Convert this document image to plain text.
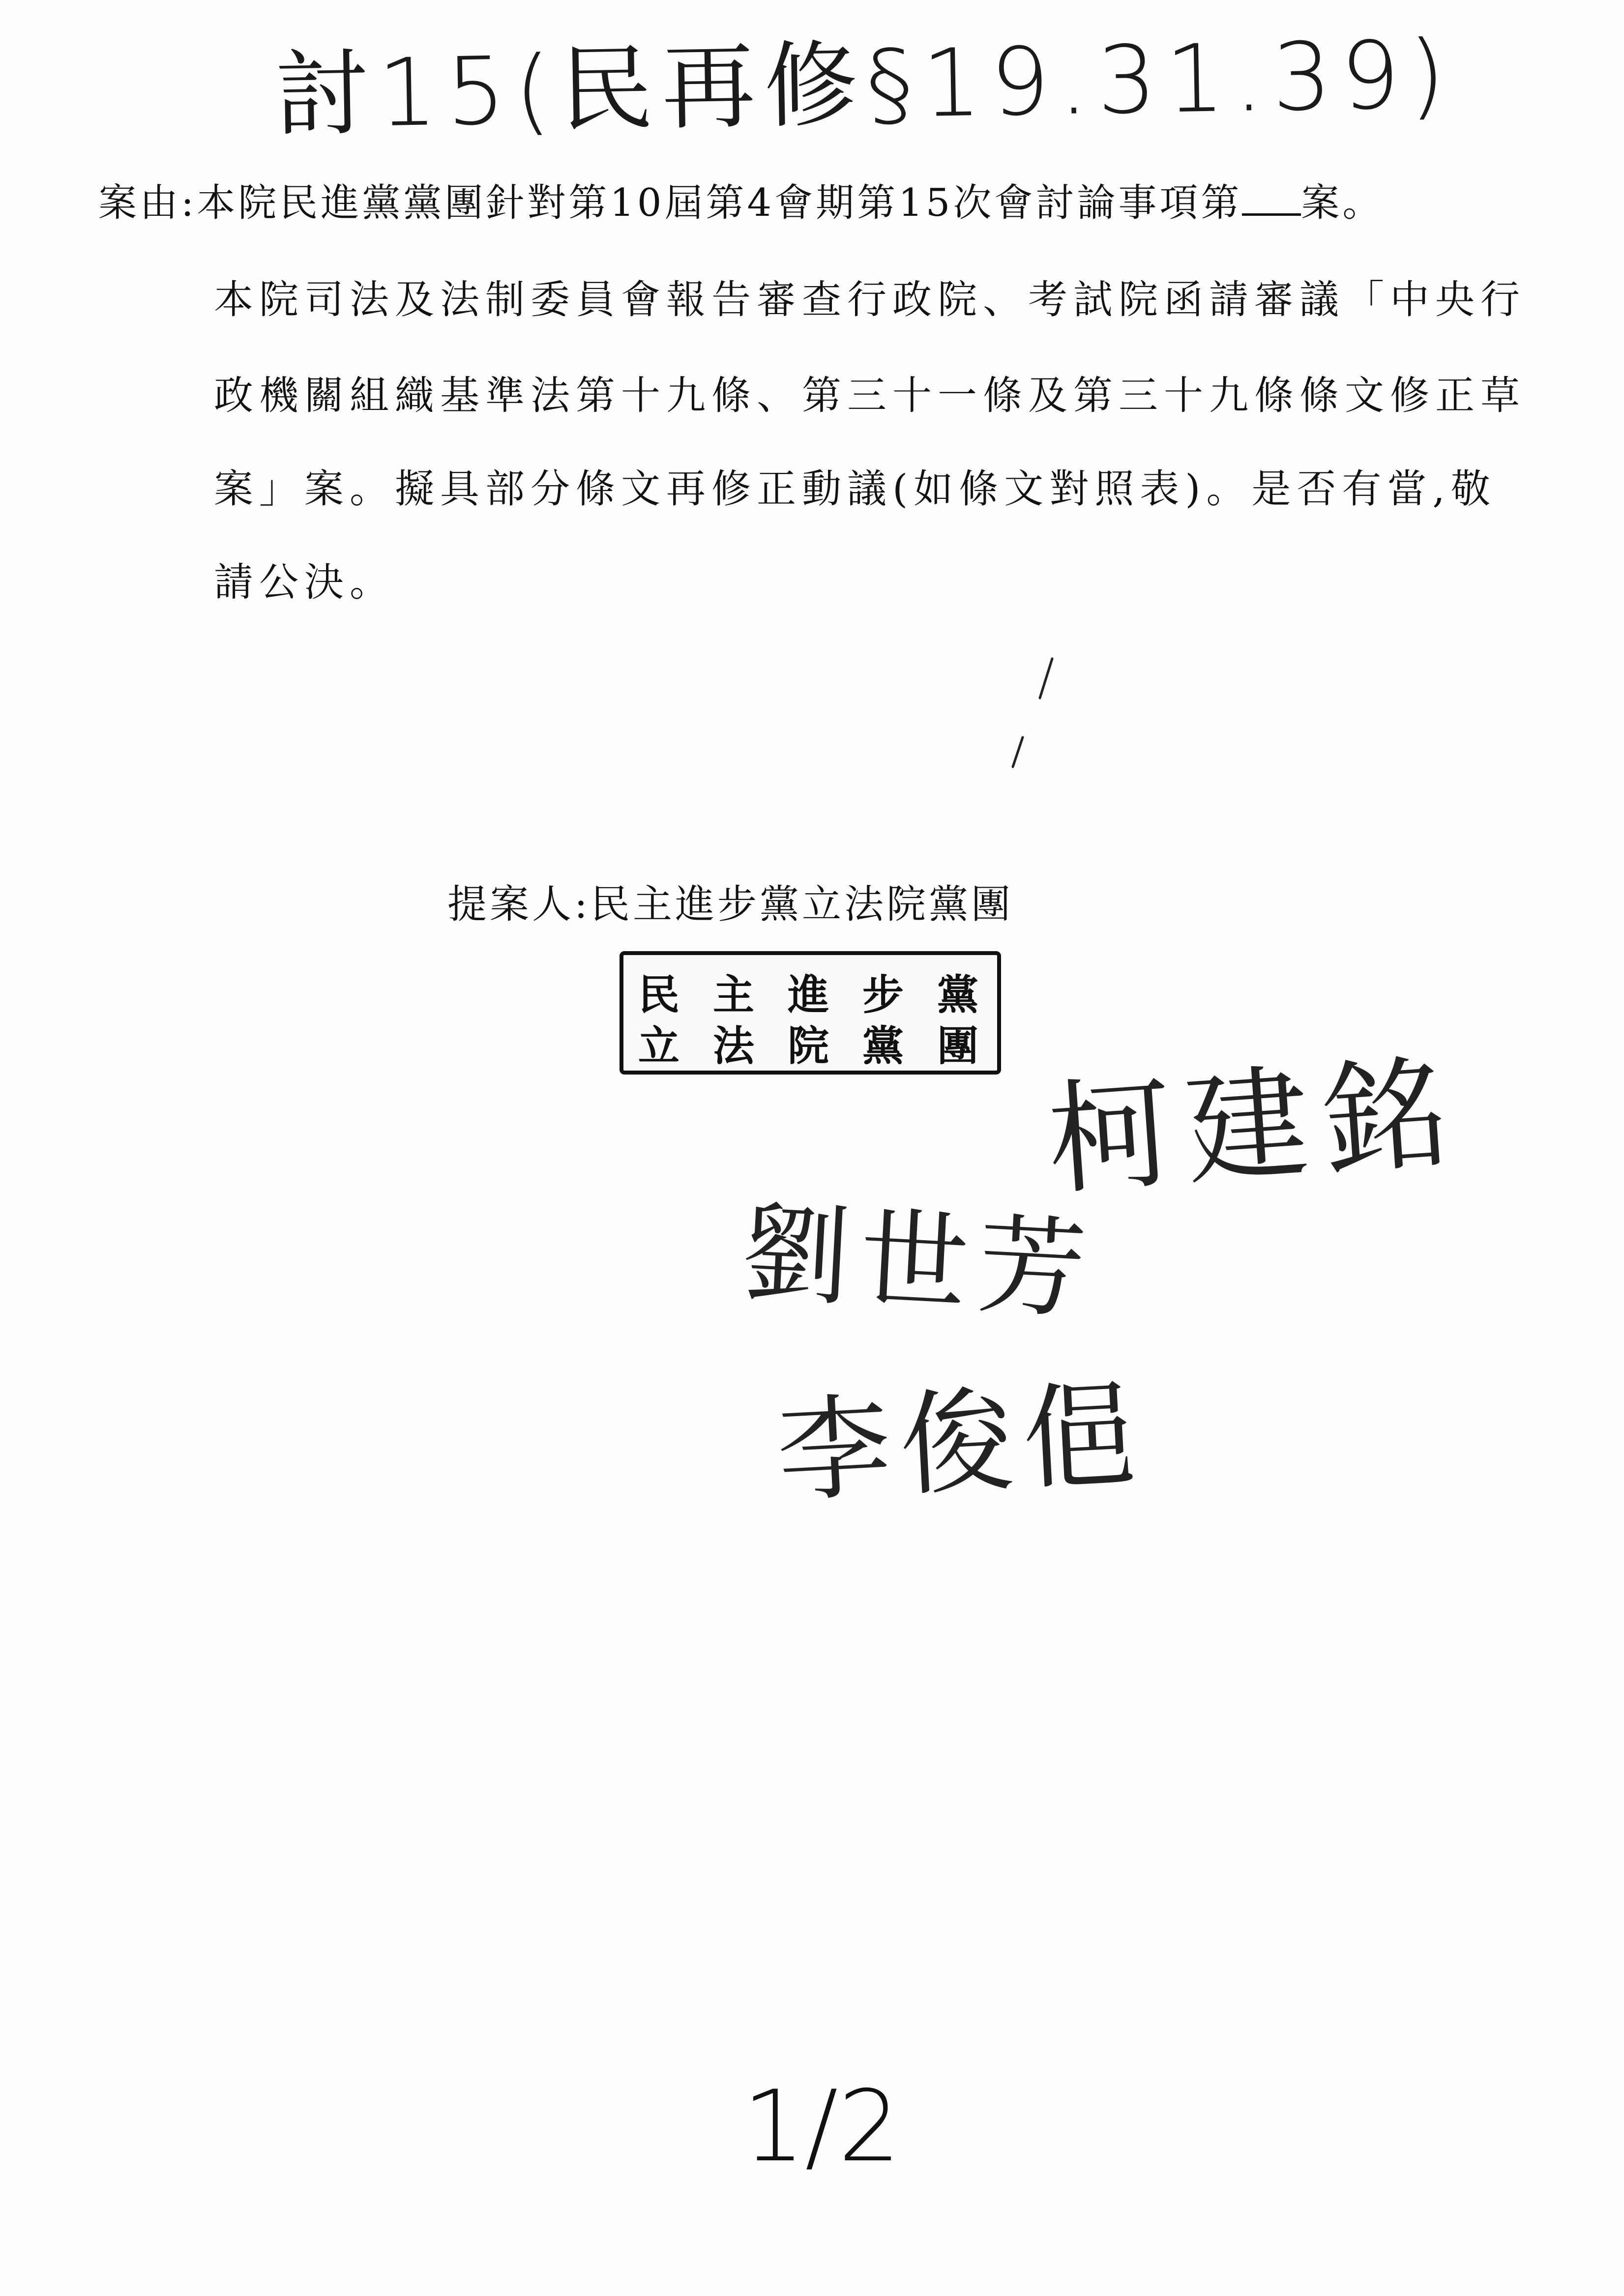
討15(民再修§19.31.39)
案由:本院民進黨黨團針對第10屆第4會期第15次會討論事項第 案。
本院司法及法制委員會報告審查行政院、考試院函請審議「中央行
政機關組織基準法第十九條、第三十一條及第三十九條條文修正草
案」案。擬具部分條文再修正動議(如條文對照表)。是否有當,敬
請公決。
提案人:民主進步黨立法院黨團
民主進步黨
立法院黨團 柯建銘
劉世芳
李俊俋
1/2
